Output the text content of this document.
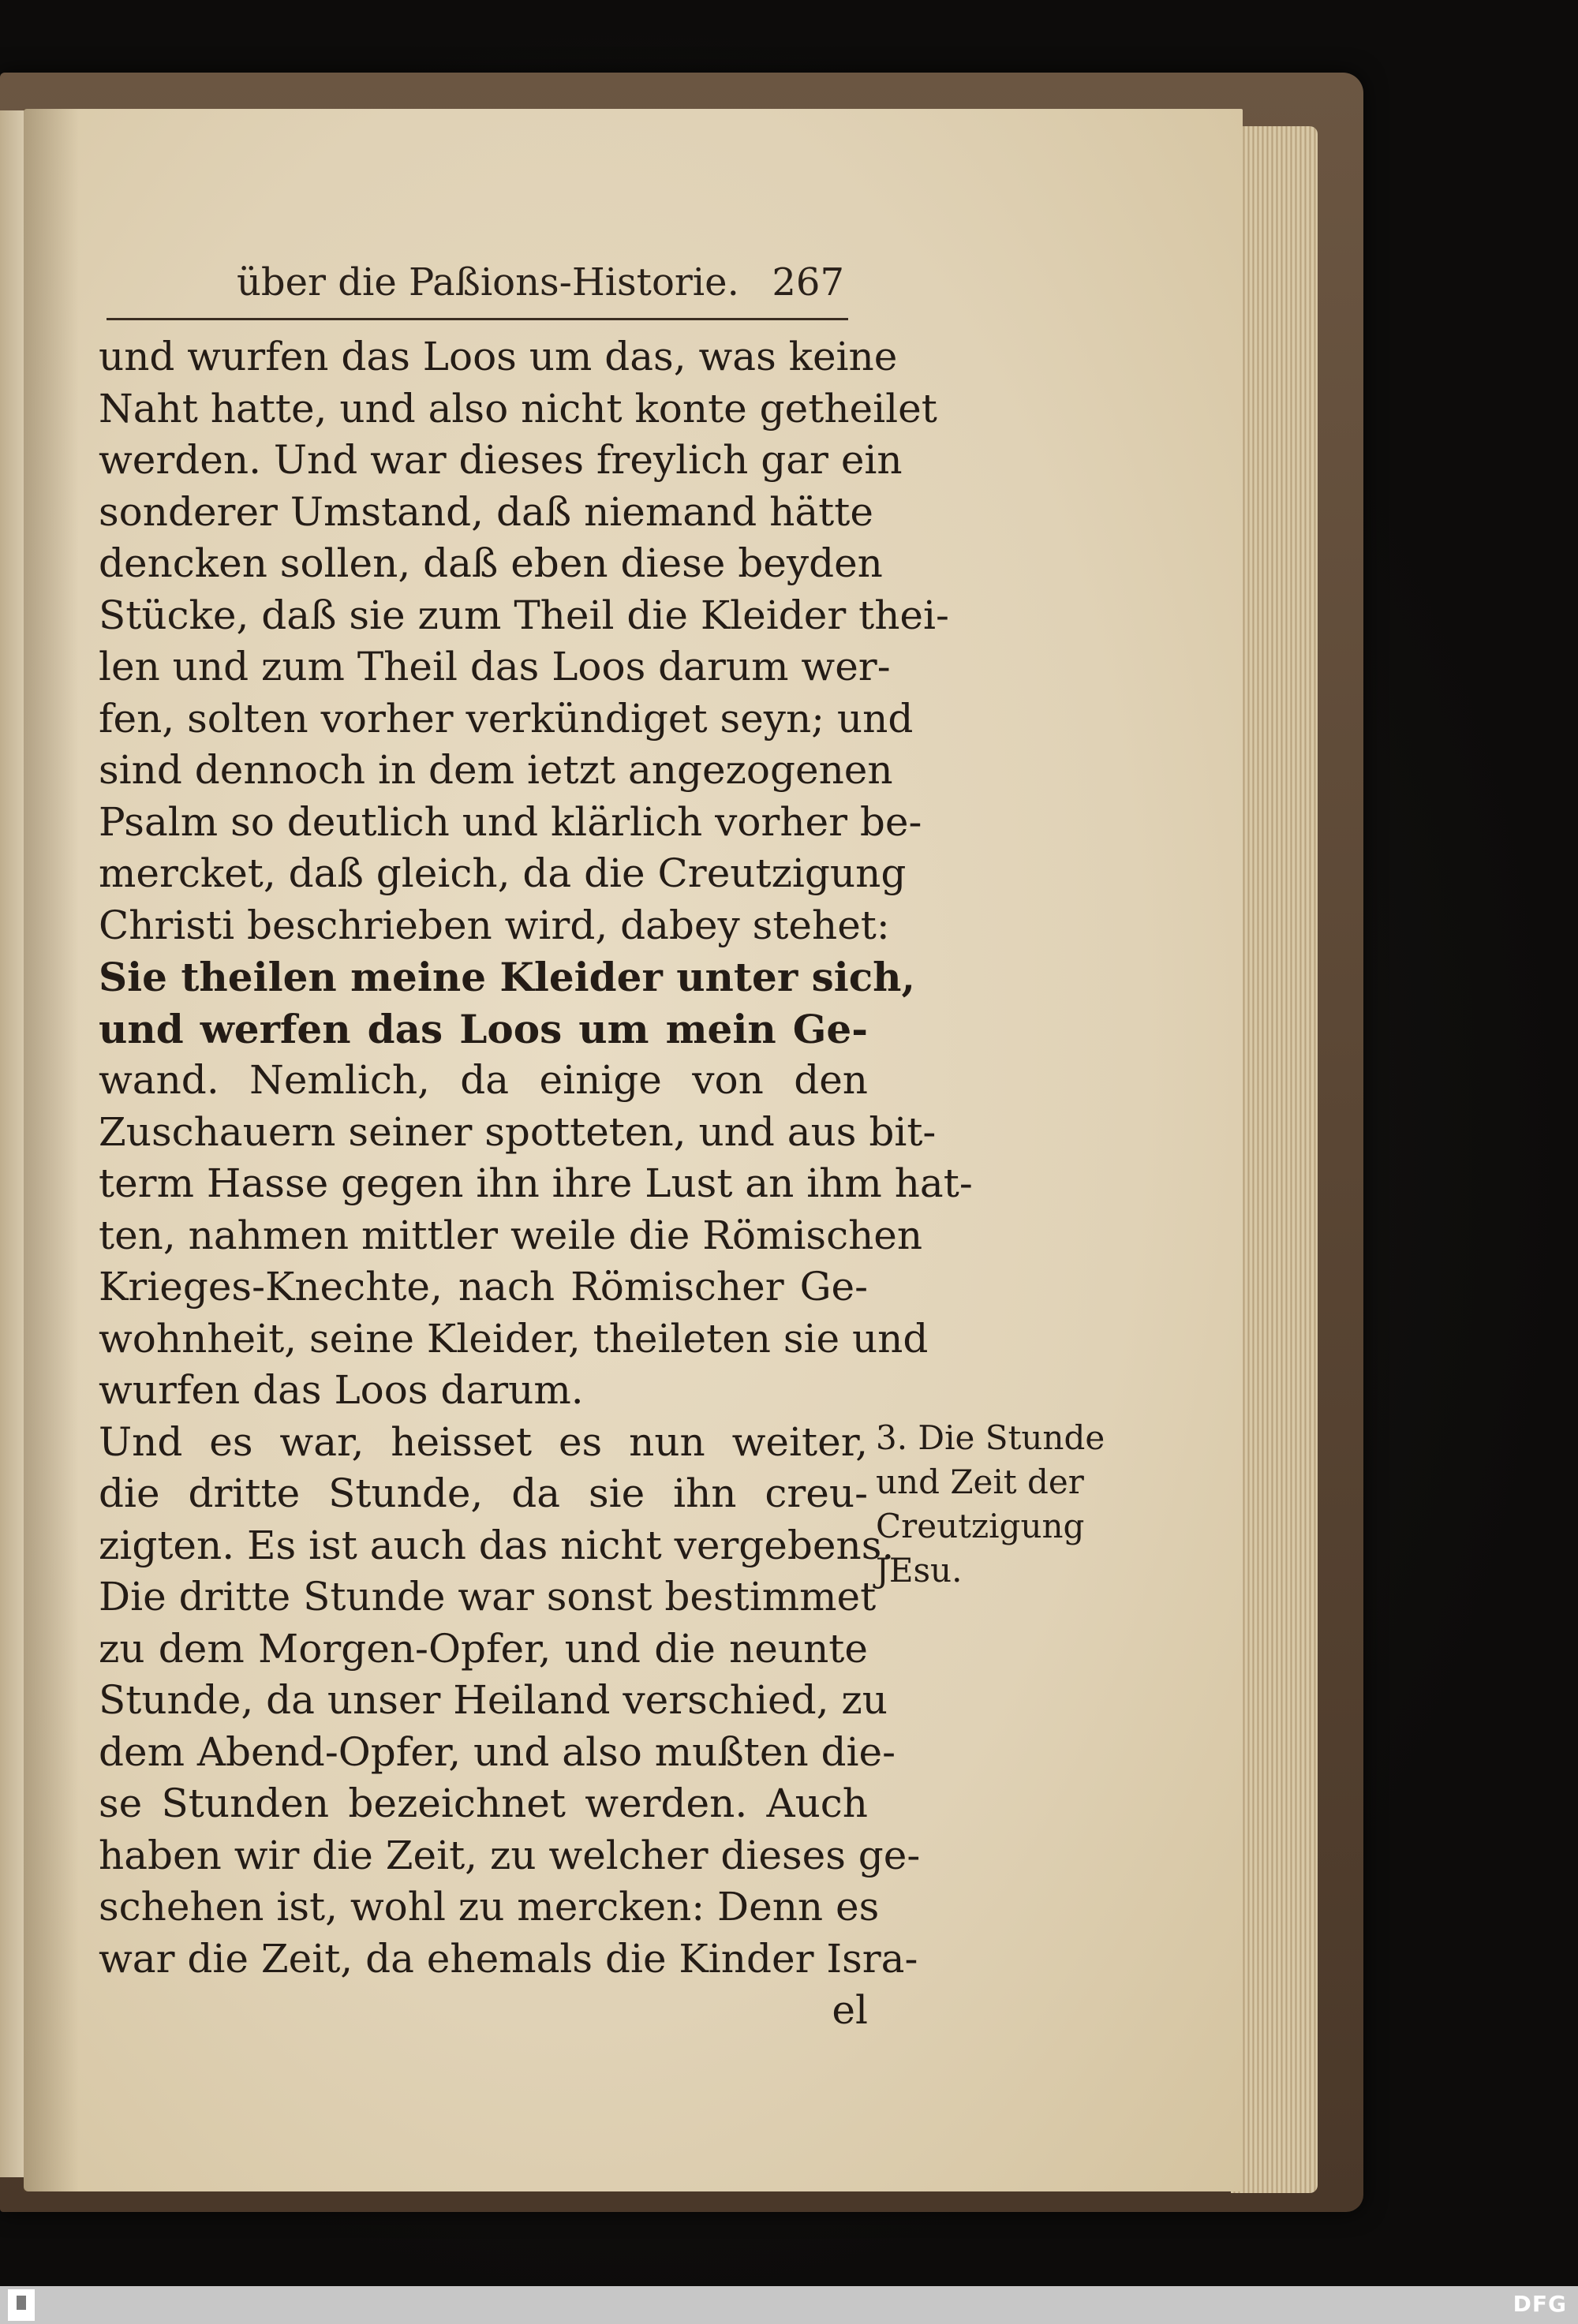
über die Paßions-Historie. 267
und wurfen das Loos um das, was keine
Naht hatte, und also nicht konte getheilet
werden. Und war dieses freylich gar ein
sonderer Umstand, daß niemand hätte
dencken sollen, daß eben diese beyden
Stücke, daß sie zum Theil die Kleider thei-
len und zum Theil das Loos darum wer-
fen, solten vorher verkündiget seyn; und
sind dennoch in dem ietzt angezogenen
Psalm so deutlich und klärlich vorher be-
mercket, daß gleich, da die Creutzigung
Christi beschrieben wird, dabey stehet:
Sie theilen meine Kleider unter sich,
und werfen das Loos um mein Ge-
wand. Nemlich, da einige von den
Zuschauern seiner spotteten, und aus bit-
term Hasse gegen ihn ihre Lust an ihm hat-
ten, nahmen mittler weile die Römischen
Krieges-Knechte, nach Römischer Ge-
wohnheit, seine Kleider, theileten sie und
wurfen das Loos darum.
Und es war, heisset es nun weiter,
die dritte Stunde, da sie ihn creu-
zigten. Es ist auch das nicht vergebens.
Die dritte Stunde war sonst bestimmet
zu dem Morgen-Opfer, und die neunte
Stunde, da unser Heiland verschied, zu
dem Abend-Opfer, und also mußten die-
se Stunden bezeichnet werden. Auch
haben wir die Zeit, zu welcher dieses ge-
schehen ist, wohl zu mercken: Denn es
war die Zeit, da ehemals die Kinder Isra-
el
3. Die Stunde
und Zeit der
Creutzigung
JEsu.
DFG
